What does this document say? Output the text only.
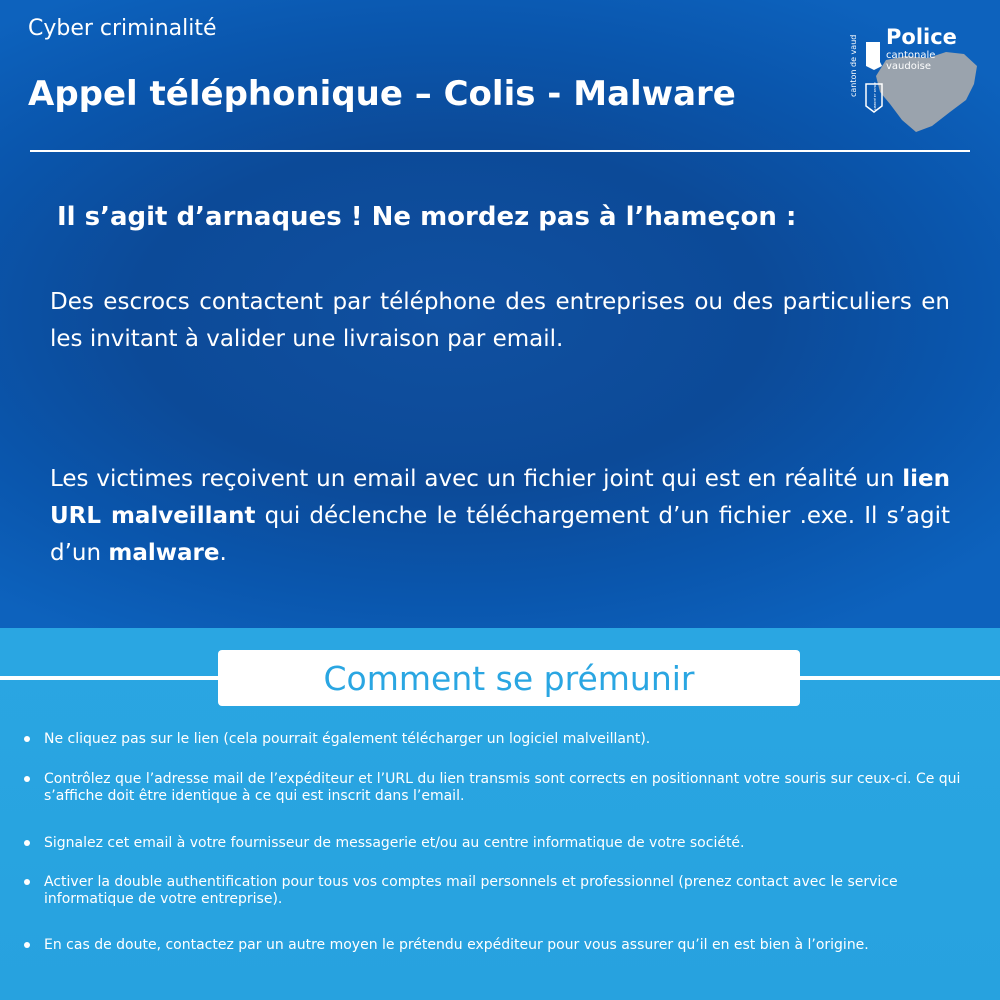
Cyber criminalité
Appel téléphonique – Colis - Malware	canton de vaud	LIBERTÉ ET PATRIE
Police
cantonale vaudoise
Il s’agit d’arnaques ! Ne mordez pas à l’hameçon :

Des escrocs contactent par téléphone des entreprises ou des particuliers en les invitant à valider une livraison par email.

Les victimes reçoivent un email avec un fichier joint qui est en réalité un lien URL malveillant qui déclenche le téléchargement d’un fichier .exe. Il s’agit d’un malware.

Comment se prémunir
Ne cliquez pas sur le lien (cela pourrait également télécharger un logiciel malveillant).
Contrôlez que l’adresse mail de l’expéditeur et l’URL du lien transmis sont corrects en positionnant votre souris sur ceux-ci. Ce qui s’affiche doit être identique à ce qui est inscrit dans l’email.
Signalez cet email à votre fournisseur de messagerie et/ou au centre informatique de votre société.
Activer la double authentification pour tous vos comptes mail personnels et professionnel (prenez contact avec le service informatique de votre entreprise).
En cas de doute, contactez par un autre moyen le prétendu expéditeur pour vous assurer qu’il en est bien à l’origine.
